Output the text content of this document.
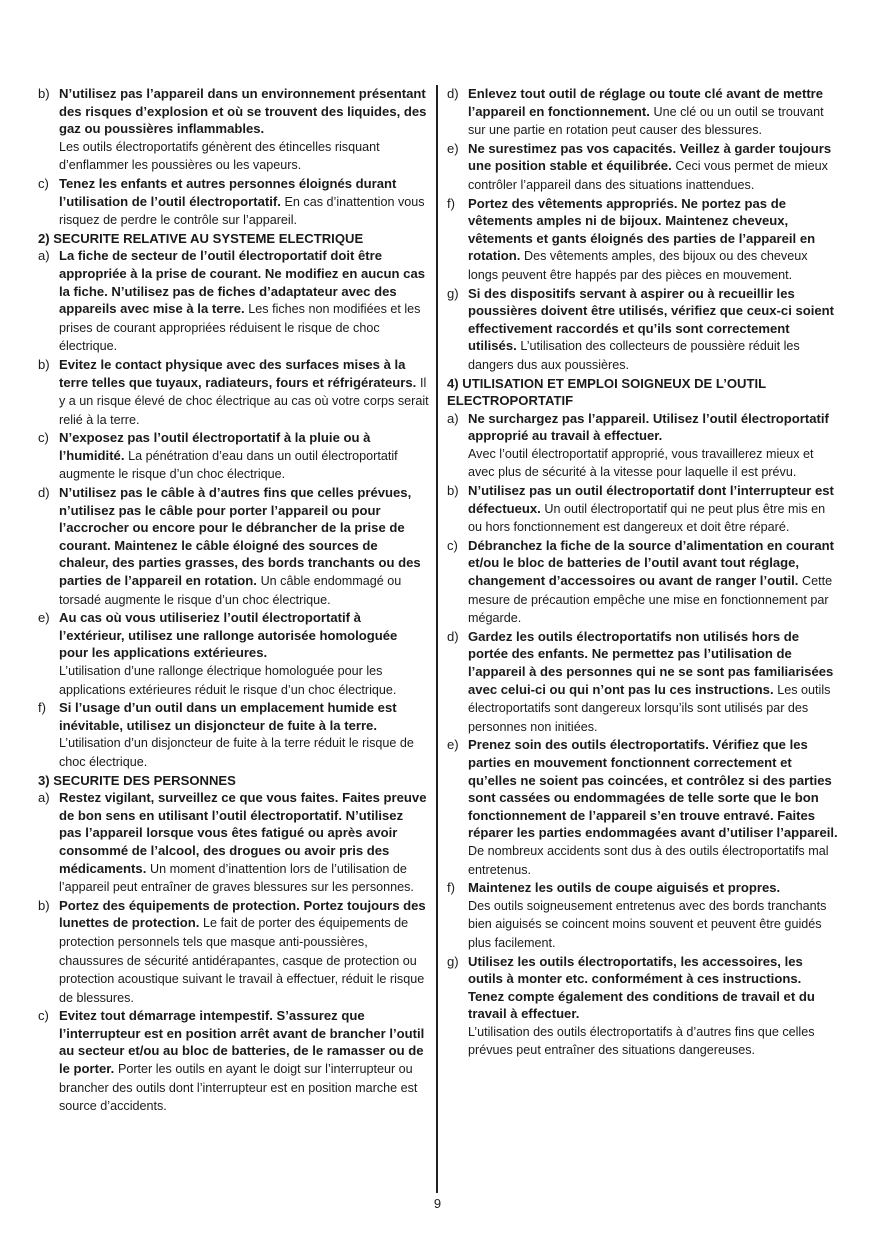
b) N’utilisez pas l’appareil dans un environnement présentant des risques d’explosion et où se trouvent des liquides, des gaz ou poussières inflammables.
Les outils électroportatifs génèrent des étincelles risquant d’enflammer les poussières ou les vapeurs.
c) Tenez les enfants et autres personnes éloignés durant l’utilisation de l’outil électroportatif. En cas d’inattention vous risquez de perdre le contrôle sur l’appareil.
2) SECURITE RELATIVE AU SYSTEME ELECTRIQUE
a) La fiche de secteur de l’outil électroportatif doit être appropriée à la prise de courant. Ne modifiez en aucun cas la fiche. N’utilisez pas de fiches d’adaptateur avec des appareils avec mise à la terre. Les fiches non modifiées et les prises de courant appropriées réduisent le risque de choc électrique.
b) Evitez le contact physique avec des surfaces mises à la terre telles que tuyaux, radiateurs, fours et réfrigérateurs. Il y a un risque élevé de choc électrique au cas où votre corps serait relié à la terre.
c) N’exposez pas l’outil électroportatif à la pluie ou à l’humidité. La pénétration d’eau dans un outil électroportatif augmente le risque d’un choc électrique.
d) N’utilisez pas le câble à d’autres fins que celles prévues, n’utilisez pas le câble pour porter l’appareil ou pour l’accrocher ou encore pour le débrancher de la prise de courant. Maintenez le câble éloigné des sources de chaleur, des parties grasses, des bords tranchants ou des parties de l’appareil en rotation. Un câble endommagé ou torsadé augmente le risque d’un choc électrique.
e) Au cas où vous utiliseriez l’outil électroportatif à l’extérieur, utilisez une rallonge autorisée homologuée pour les applications extérieures.
L’utilisation d’une rallonge électrique homologuée pour les applications extérieures réduit le risque d’un choc électrique.
f) Si l’usage d’un outil dans un emplacement humide est inévitable, utilisez un disjoncteur de fuite à la terre. L’utilisation d’un disjoncteur de fuite à la terre réduit le risque de choc électrique.
3) SECURITE DES PERSONNES
a) Restez vigilant, surveillez ce que vous faites. Faites preuve de bon sens en utilisant l’outil électroportatif. N’utilisez pas l’appareil lorsque vous êtes fatigué ou après avoir consommé de l’alcool, des drogues ou avoir pris des médicaments. Un moment d’inattention lors de l’utilisation de l’appareil peut entraîner de graves blessures sur les personnes.
b) Portez des équipements de protection. Portez toujours des lunettes de protection. Le fait de porter des équipements de protection personnels tels que masque anti-poussières, chaussures de sécurité antidérapantes, casque de protection ou protection acoustique suivant le travail à effectuer, réduit le risque de blessures.
c) Evitez tout démarrage intempestif. S’assurez que l’interrupteur est en position arrêt avant de brancher l’outil au secteur et/ou au bloc de batteries, de le ramasser ou de le porter. Porter les outils en ayant le doigt sur l’interrupteur ou brancher des outils dont l’interrupteur est en position marche est source d’accidents.
d) Enlevez tout outil de réglage ou toute clé avant de mettre l’appareil en fonctionnement. Une clé ou un outil se trouvant sur une partie en rotation peut causer des blessures.
e) Ne surestimez pas vos capacités. Veillez à garder toujours une position stable et équilibrée. Ceci vous permet de mieux contrôler l’appareil dans des situations inattendues.
f) Portez des vêtements appropriés. Ne portez pas de vêtements amples ni de bijoux. Maintenez cheveux, vêtements et gants éloignés des parties de l’appareil en rotation. Des vêtements amples, des bijoux ou des cheveux longs peuvent être happés par des pièces en mouvement.
g) Si des dispositifs servant à aspirer ou à recueillir les poussières doivent être utilisés, vérifiez que ceux-ci soient effectivement raccordés et qu’ils sont correctement utilisés. L’utilisation des collecteurs de poussière réduit les dangers dus aux poussières.
4) UTILISATION ET EMPLOI SOIGNEUX DE L’OUTIL ELECTROPORTATIF
a) Ne surchargez pas l’appareil. Utilisez l’outil électroportatif approprié au travail à effectuer.
Avec l’outil électroportatif approprié, vous travaillerez mieux et avec plus de sécurité à la vitesse pour laquelle il est prévu.
b) N’utilisez pas un outil électroportatif dont l’interrupteur est défectueux. Un outil électroportatif qui ne peut plus être mis en ou hors fonctionnement est dangereux et doit être réparé.
c) Débranchez la fiche de la source d’alimentation en courant et/ou le bloc de batteries de l’outil avant tout réglage, changement d’accessoires ou avant de ranger l’outil. Cette mesure de précaution empêche une mise en fonctionnement par mégarde.
d) Gardez les outils électroportatifs non utilisés hors de portée des enfants. Ne permettez pas l’utilisation de l’appareil à des personnes qui ne se sont pas familiarisées avec celui-ci ou qui n’ont pas lu ces instructions. Les outils électroportatifs sont dangereux lorsqu’ils sont utilisés par des personnes non initiées.
e) Prenez soin des outils électroportatifs. Vérifiez que les parties en mouvement fonctionnent correctement et qu’elles ne soient pas coincées, et contrôlez si des parties sont cassées ou endommagées de telle sorte que le bon fonctionnement de l’appareil s’en trouve entravé. Faites réparer les parties endommagées avant d’utiliser l’appareil. De nombreux accidents sont dus à des outils électroportatifs mal entretenus.
f) Maintenez les outils de coupe aiguisés et propres.
Des outils soigneusement entretenus avec des bords tranchants bien aiguisés se coincent moins souvent et peuvent être guidés plus facilement.
g) Utilisez les outils électroportatifs, les accessoires, les outils à monter etc. conformément à ces instructions. Tenez compte également des conditions de travail et du travail à effectuer.
L’utilisation des outils électroportatifs à d’autres fins que celles prévues peut entraîner des situations dangereuses.
9
